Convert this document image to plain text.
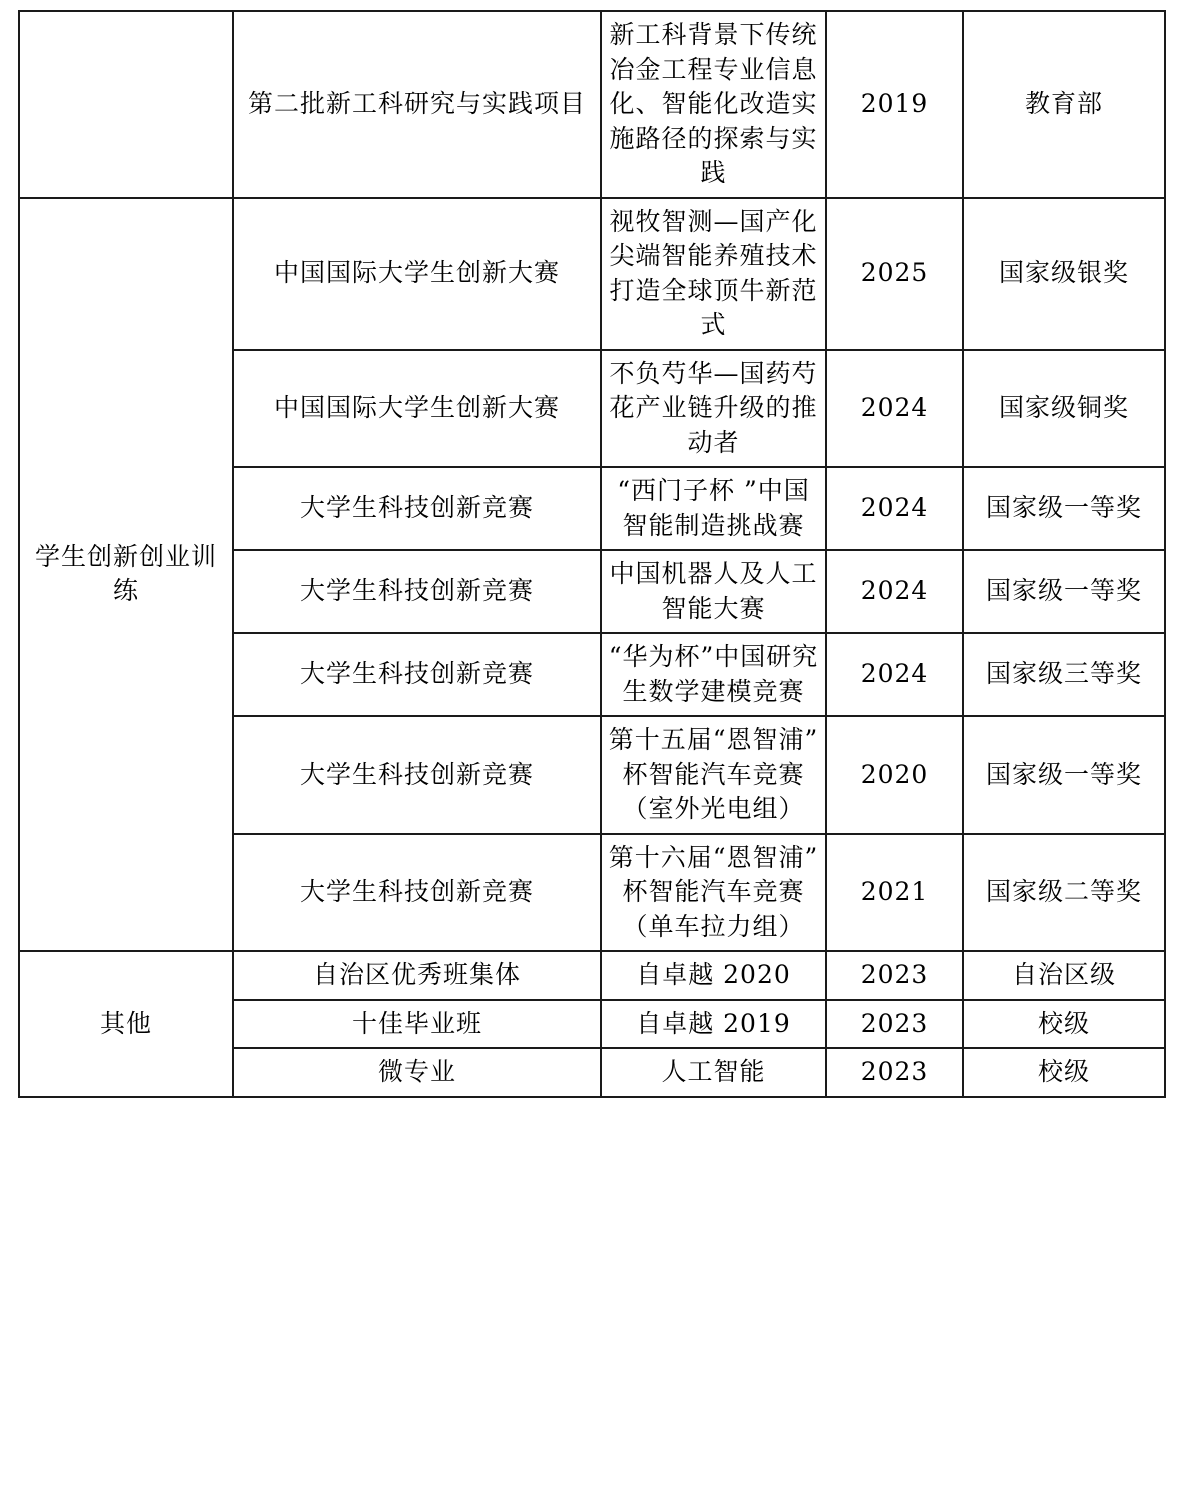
	第二批新工科研究与实践项目	新工科背景下传统冶金工程专业信息化、智能化改造实施路径的探索与实践	2019	教育部
学生创新创业训练	中国国际大学生创新大赛	视牧智测—国产化尖端智能养殖技术打造全球顶牛新范式	2025	国家级银奖
	中国国际大学生创新大赛	不负芍华—国药芍花产业链升级的推动者	2024	国家级铜奖
	大学生科技创新竞赛	“西门子杯 ”中国智能制造挑战赛	2024	国家级一等奖
	大学生科技创新竞赛	中国机器人及人工智能大赛	2024	国家级一等奖
	大学生科技创新竞赛	“华为杯”中国研究生数学建模竞赛	2024	国家级三等奖
	大学生科技创新竞赛	第十五届“恩智浦”杯智能汽车竞赛（室外光电组）	2020	国家级一等奖
	大学生科技创新竞赛	第十六届“恩智浦”杯智能汽车竞赛（单车拉力组）	2021	国家级二等奖
其他	自治区优秀班集体	自卓越 2020	2023	自治区级
	十佳毕业班	自卓越 2019	2023	校级
	微专业	人工智能	2023	校级
